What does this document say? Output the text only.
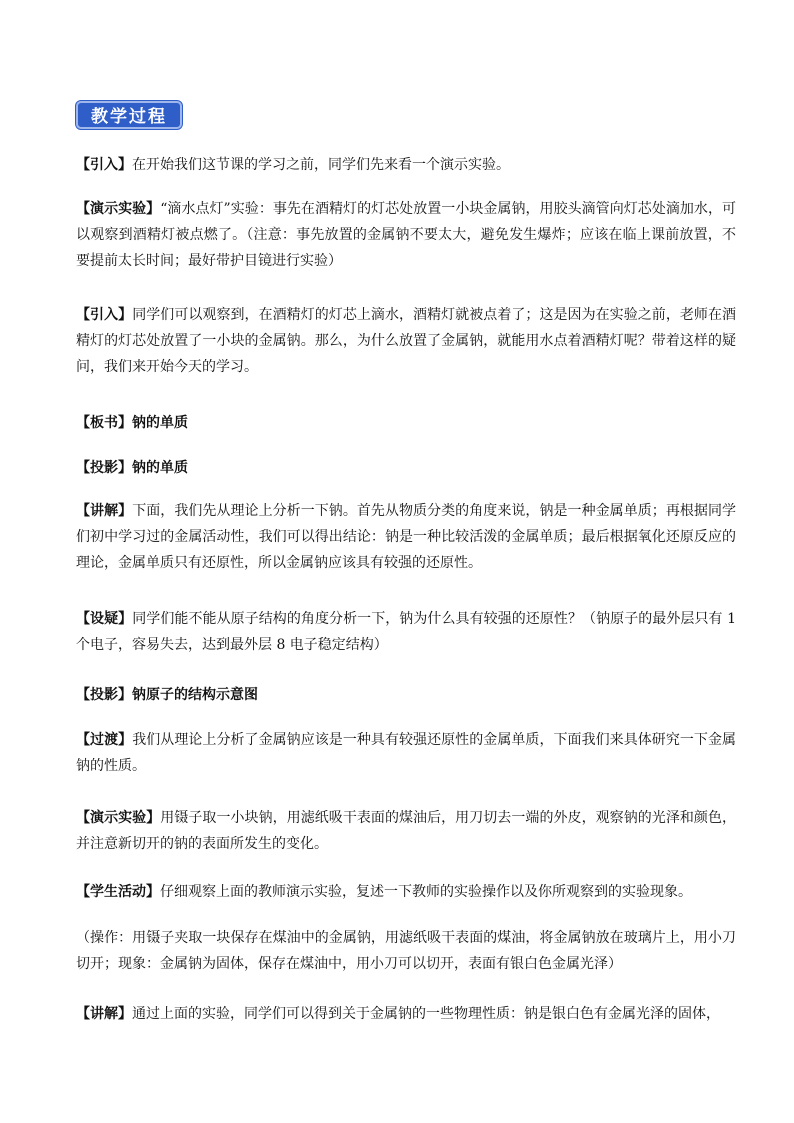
教学过程

【引入】在开始我们这节课的学习之前，同学们先来看一个演示实验。

【演示实验】“滴水点灯”实验：事先在酒精灯的灯芯处放置一小块金属钠，用胶头滴管向灯芯处滴加水，可以观察到酒精灯被点燃了。（注意：事先放置的金属钠不要太大，避免发生爆炸；应该在临上课前放置，不要提前太长时间；最好带护目镜进行实验）

【引入】同学们可以观察到，在酒精灯的灯芯上滴水，酒精灯就被点着了；这是因为在实验之前，老师在酒精灯的灯芯处放置了一小块的金属钠。那么，为什么放置了金属钠，就能用水点着酒精灯呢？带着这样的疑问，我们来开始今天的学习。

【板书】钠的单质

【投影】钠的单质

【讲解】下面，我们先从理论上分析一下钠。首先从物质分类的角度来说，钠是一种金属单质；再根据同学们初中学习过的金属活动性，我们可以得出结论：钠是一种比较活泼的金属单质；最后根据氧化还原反应的理论，金属单质只有还原性，所以金属钠应该具有较强的还原性。

【设疑】同学们能不能从原子结构的角度分析一下，钠为什么具有较强的还原性？（钠原子的最外层只有 1 个电子，容易失去，达到最外层 8 电子稳定结构）

【投影】钠原子的结构示意图

【过渡】我们从理论上分析了金属钠应该是一种具有较强还原性的金属单质，下面我们来具体研究一下金属钠的性质。

【演示实验】用镊子取一小块钠，用滤纸吸干表面的煤油后，用刀切去一端的外皮，观察钠的光泽和颜色，并注意新切开的钠的表面所发生的变化。

【学生活动】仔细观察上面的教师演示实验，复述一下教师的实验操作以及你所观察到的实验现象。

（操作：用镊子夹取一块保存在煤油中的金属钠，用滤纸吸干表面的煤油，将金属钠放在玻璃片上，用小刀切开；现象：金属钠为固体，保存在煤油中，用小刀可以切开，表面有银白色金属光泽）

【讲解】通过上面的实验，同学们可以得到关于金属钠的一些物理性质：钠是银白色有金属光泽的固体，
